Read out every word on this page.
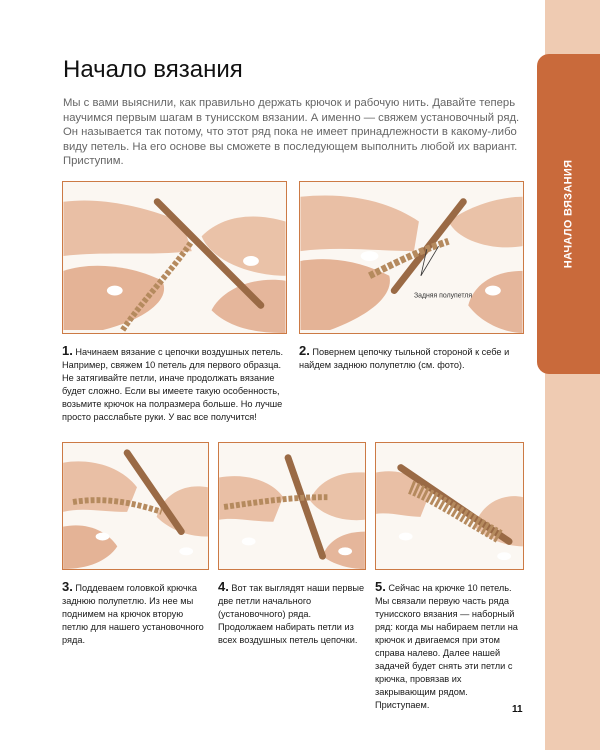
НАЧАЛО ВЯЗАНИЯ
Начало вязания
Мы с вами выяснили, как правильно держать крючок и рабочую нить. Давайте теперь научимся первым шагам в тунисском вязании. А именно — свяжем установочный ряд. Он называется так потому, что этот ряд пока не имеет принадлежности в какому-либо виду петель. На его основе вы сможете в последующем выполнить любой их вариант. Приступим.
Задняя полупетля
1. Начинаем вязание с цепочки воздушных петель. Например, свяжем 10 петель для первого образца. Не затягивайте петли, иначе продолжать вязание будет сложно. Если вы имеете такую особенность, возьмите крючок на полразмера больше. Но лучше просто расслабьте руки. У вас все получится!
2. Повернем цепочку тыльной стороной к себе и найдем заднюю полупетлю (см. фото).
3. Поддеваем головкой крючка заднюю полупетлю. Из нее мы поднимем на крючок вторую петлю для нашего установочного ряда.
4. Вот так выглядят наши первые две петли начального (установочного) ряда. Продолжаем набирать петли из всех воздушных петель цепочки.
5. Сейчас на крючке 10 петель. Мы связали первую часть ряда тунисского вязания — наборный ряд: когда мы набираем петли на крючок и двигаемся при этом справа налево. Далее нашей задачей будет снять эти петли с крючка, провязав их закрывающим рядом. Приступаем.	11
